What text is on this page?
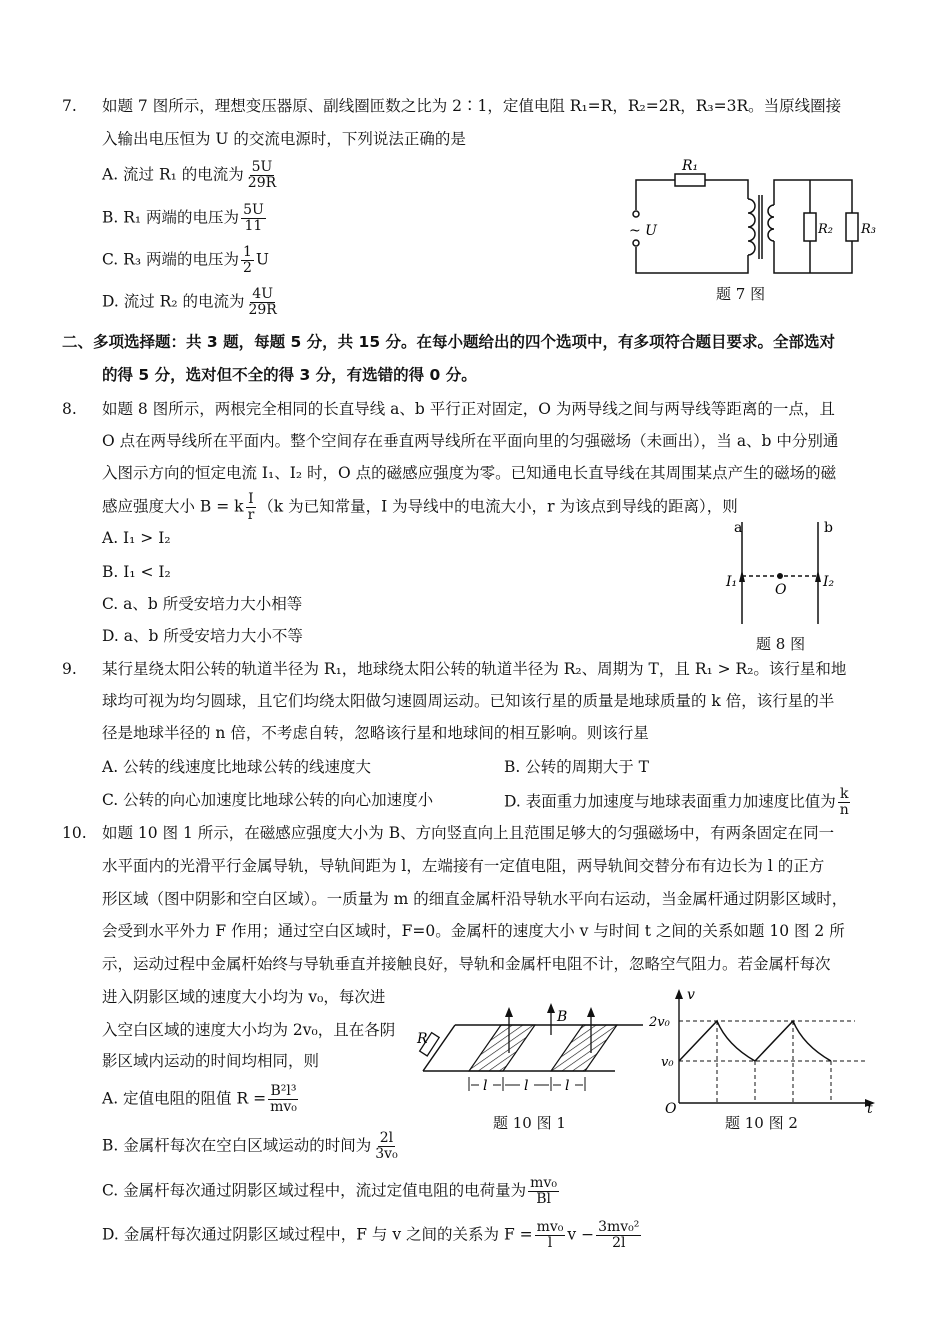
7. 如题 7 图所示，理想变压器原、副线圈匝数之比为 2∶1，定值电阻 R₁=R，R₂=2R，R₃=3R。当原线圈接
入输出电压恒为 U 的交流电源时，下列说法正确的是
A. 流过 R₁ 的电流为 $\frac{5U}{29R}$
B. R₁ 两端的电压为 $\frac{5U}{11}$
C. R₃ 两端的电压为 $\frac{1}{2}$ U
D. 流过 R₂ 的电流为 $\frac{4U}{29R}$
R₁
R₂ R₃
~ U
题 7 图
二、多项选择题：共 3 题，每题 5 分，共 15 分。在每小题给出的四个选项中，有多项符合题目要求。全部选对
的得 5 分，选对但不全的得 3 分，有选错的得 0 分。
8. 如题 8 图所示，两根完全相同的长直导线 a、b 平行正对固定，O 为两导线之间与两导线等距离的一点，且
O 点在两导线所在平面内。整个空间存在垂直两导线所在平面向里的匀强磁场（未画出），当 a、b 中分别通
入图示方向的恒定电流 I₁、I₂ 时，O 点的磁感应强度为零。已知通电长直导线在其周围某点产生的磁场的磁
感应强度大小 B = k $\frac{I}{r} (k$ 为已知常量，I 为导线中的电流大小，r 为该点到导线的距离），则
A. I₁ > I₂
B. I₁ < I₂
C. a、b 所受安培力大小相等
D. a、b 所受安培力大小不等
a	b
I₁	I₂
O
题 8 图
9. 某行星绕太阳公转的轨道半径为 R₁，地球绕太阳公转的轨道半径为 R₂、周期为 T，且 R₁ > R₂。该行星和地
球均可视为均匀圆球，且它们均绕太阳做匀速圆周运动。已知该行星的质量是地球质量的 k 倍，该行星的半
径是地球半径的 n 倍，不考虑自转，忽略该行星和地球间的相互影响。则该行星
A. 公转的线速度比地球公转的线速度大	B. 公转的周期大于 T
C. 公转的向心加速度比地球公转的向心加速度小	D. 表面重力加速度与地球表面重力加速度比值为 $\frac{k}{n}$
10. 如题 10 图 1 所示，在磁感应强度大小为 B、方向竖直向上且范围足够大的匀强磁场中，有两条固定在同一
水平面内的光滑平行金属导轨，导轨间距为 l，左端接有一定值电阻，两导轨间交替分布有边长为 l 的正方
形区域（图中阴影和空白区域）。一质量为 m 的细直金属杆沿导轨水平向右运动，当金属杆通过阴影区域时，
会受到水平外力 F 作用；通过空白区域时，F=0。金属杆的速度大小 v 与时间 t 之间的关系如题 10 图 2 所
示，运动过程中金属杆始终与导轨垂直并接触良好，导轨和金属杆电阻不计，忽略空气阻力。若金属杆每次
进入阴影区域的速度大小均为 v₀，每次进
入空白区域的速度大小均为 2v₀，且在各阴
影区域内运动的时间均相同，则
A. 定值电阻的阻值 $R = \frac{\text{B²l³}}{\text{mv₀}}$
B. 金属杆每次在空白区域运动的时间为 $\frac{2l}{\text{3v₀}}$
C. 金属杆每次通过阴影区域过程中，流过定值电阻的电荷量为 $\frac{\text{mv₀}}{Bl}$
D. 金属杆每次通过阴影区域过程中，F 与 v 之间的关系为 $F = \frac{\text{mv₀}}{l}$ $v - \frac{\text{3mv₀²}}{2l}$
B
R
l	l	l
题 10 图 1
2v₀
v₀
v
t
O
题 10 图 2
